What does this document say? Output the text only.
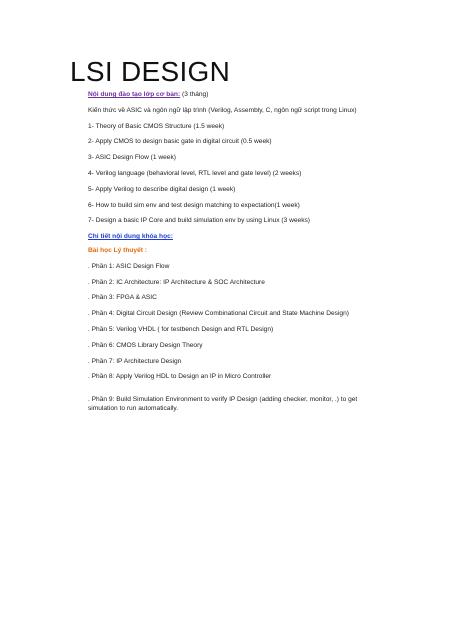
LSI DESIGN

Nội dung đào tạo lớp cơ bản: (3 tháng)

Kiến thức về ASIC và ngôn ngữ lập trình (Verilog, Assembly, C, ngôn ngữ script trong Linux)

1- Theory of Basic CMOS Structure (1.5 week)

2- Apply CMOS to design basic gate in digital circuit (0.5 week)

3- ASIC Design Flow (1 week)

4- Verilog language (behavioral level, RTL level and gate level) (2 weeks)

5- Apply Verilog to describe digital design (1 week)

6- How to build sim env and test design matching to expectation(1 week)

7- Design a basic IP Core and build simulation env by using Linux (3 weeks)

Chi tiết nội dung khóa học:

Bài học Lý thuyết :

. Phần 1: ASIC Design Flow

. Phần 2: IC Architecture: IP Architecture & SOC Architecture

. Phần 3: FPGA & ASIC

. Phần 4: Digital Circuit Design (Review Combinational Circuit and State Machine Design)

. Phần 5: Verilog VHDL ( for testbench Design and RTL Design)

. Phần 6: CMOS Library Design Theory

. Phần 7: IP Architecture Design

. Phần 8: Apply Verilog HDL to Design an IP in Micro Controller

. Phần 9: Build Simulation Environment to verify IP Design (adding checker, monitor, .) to get simulation to run automatically.
